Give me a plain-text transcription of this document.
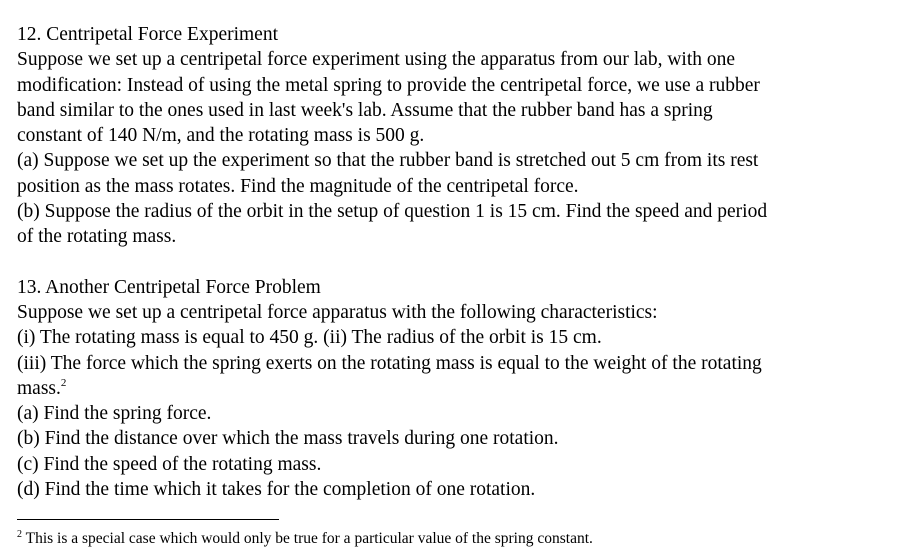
12. Centripetal Force Experiment
Suppose we set up a centripetal force experiment using the apparatus from our lab, with one
modification: Instead of using the metal spring to provide the centripetal force, we use a rubber
band similar to the ones used in last week's lab. Assume that the rubber band has a spring
constant of 140 N/m, and the rotating mass is 500 g.
(a) Suppose we set up the experiment so that the rubber band is stretched out 5 cm from its rest
position as the mass rotates. Find the magnitude of the centripetal force.
(b) Suppose the radius of the orbit in the setup of question 1 is 15 cm. Find the speed and period
of the rotating mass.
13. Another Centripetal Force Problem
Suppose we set up a centripetal force apparatus with the following characteristics:
(i) The rotating mass is equal to 450 g. (ii) The radius of the orbit is 15 cm.
(iii) The force which the spring exerts on the rotating mass is equal to the weight of the rotating
mass.$^2$
(a) Find the spring force.
(b) Find the distance over which the mass travels during one rotation.
(c) Find the speed of the rotating mass.
(d) Find the time which it takes for the completion of one rotation.
$^2$ This is a special case which would only be true for a particular value of the spring constant.
